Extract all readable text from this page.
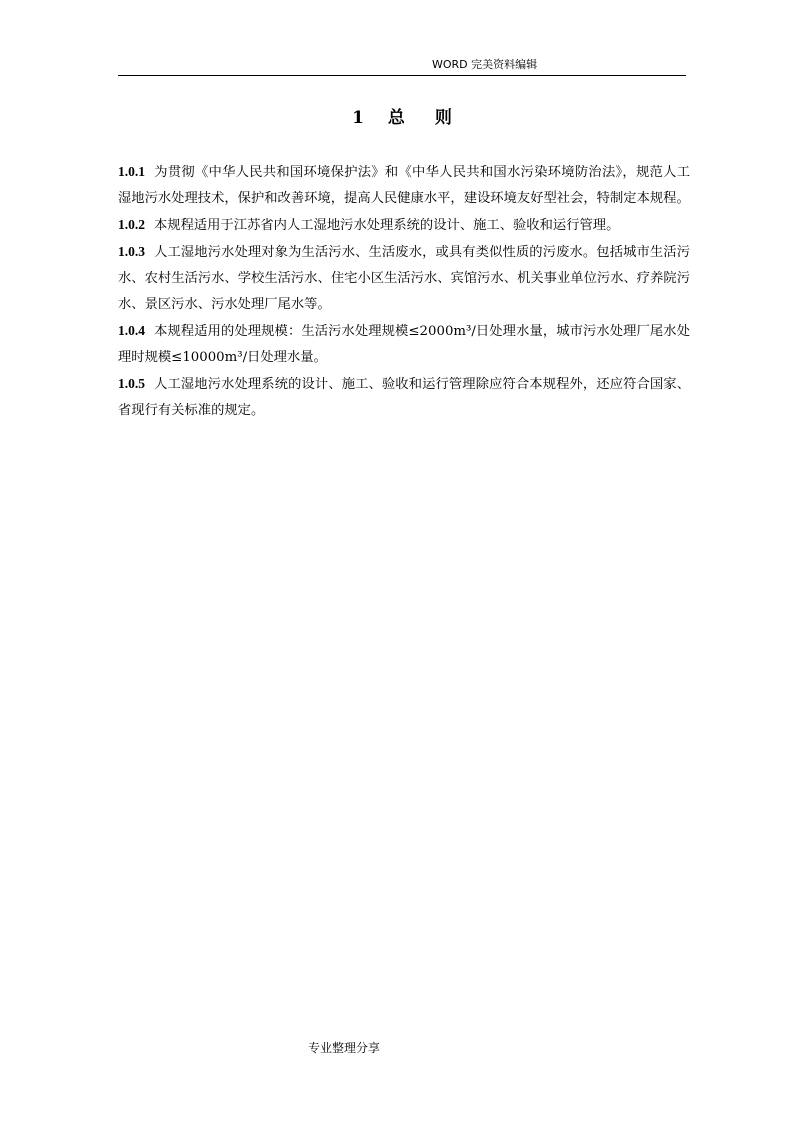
WORD 完美资料编辑
1 总 则

1.0.1 为贯彻《中华人民共和国环境保护法》和《中华人民共和国水污染环境防治法》，规范人工湿地污水处理技术，保护和改善环境，提高人民健康水平，建设环境友好型社会，特制定本规程。

1.0.2 本规程适用于江苏省内人工湿地污水处理系统的设计、施工、验收和运行管理。

1.0.3 人工湿地污水处理对象为生活污水、生活废水，或具有类似性质的污废水。包括城市生活污水、农村生活污水、学校生活污水、住宅小区生活污水、宾馆污水、机关事业单位污水、疗养院污水、景区污水、污水处理厂尾水等。

1.0.4 本规程适用的处理规模：生活污水处理规模≤2000m³/日处理水量，城市污水处理厂尾水处理时规模≤10000m³/日处理水量。

1.0.5 人工湿地污水处理系统的设计、施工、验收和运行管理除应符合本规程外，还应符合国家、省现行有关标准的规定。

专业整理分享
